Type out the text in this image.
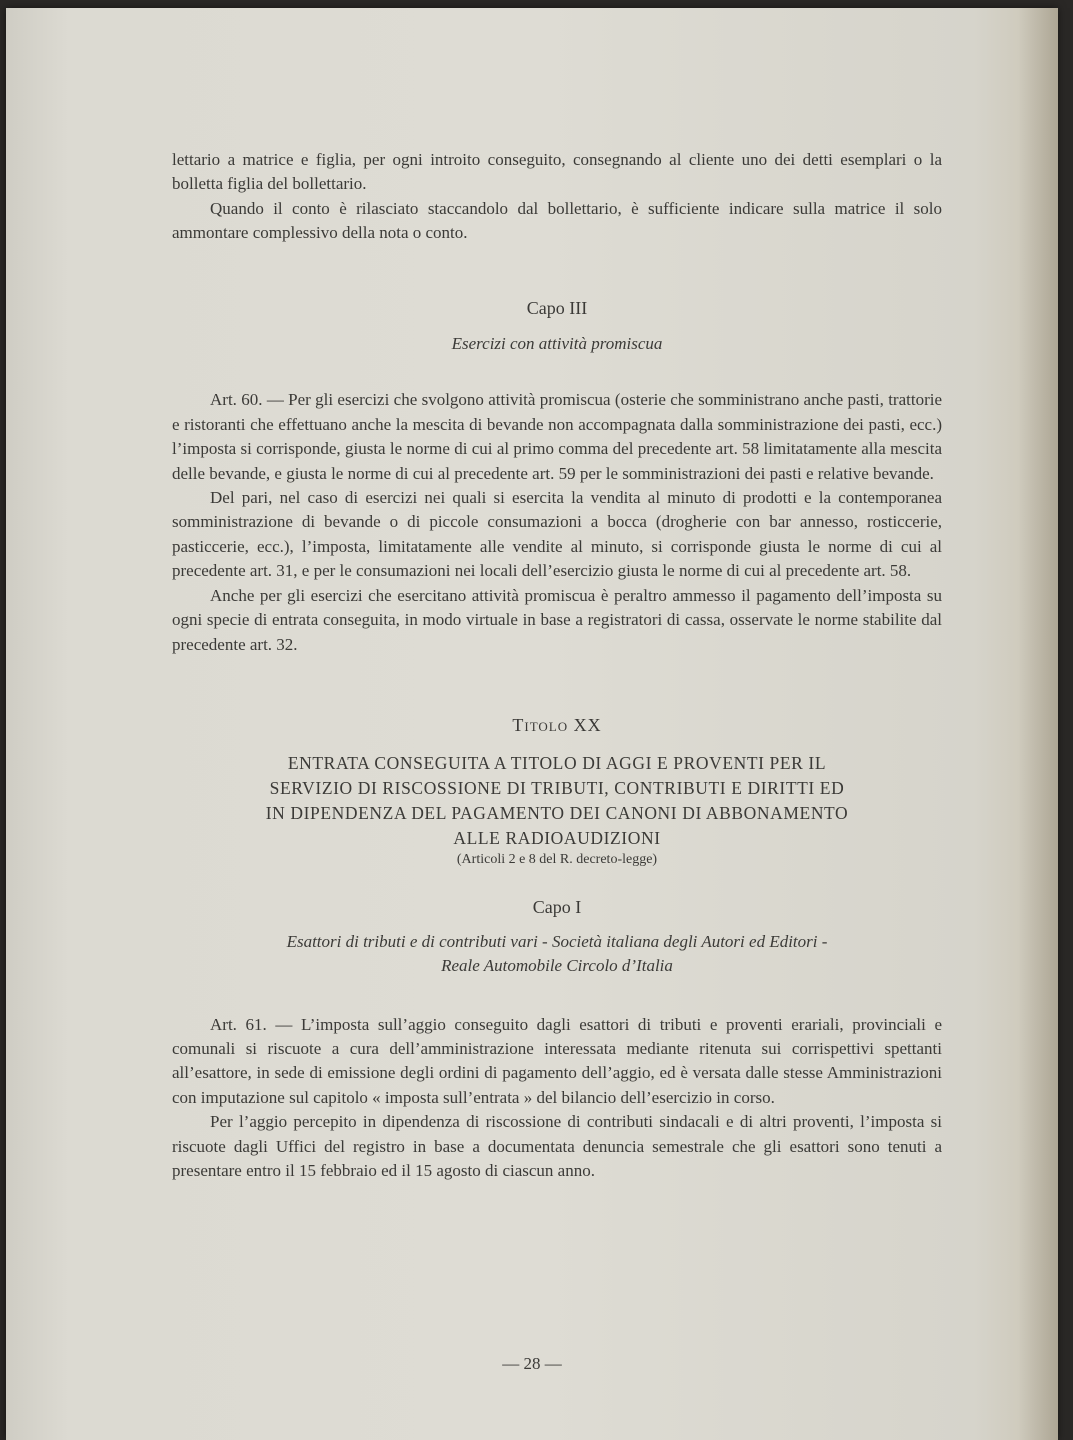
lettario a matrice e figlia, per ogni introito conseguito, consegnando al cliente uno dei detti esemplari o la bolletta figlia del bollettario.

Quando il conto è rilasciato staccandolo dal bollettario, è sufficiente indicare sulla matrice il solo ammontare complessivo della nota o conto.

Capo III

Esercizi con attività promiscua

Art. 60. — Per gli esercizi che svolgono attività promiscua (osterie che somministrano anche pasti, trattorie e ristoranti che effettuano anche la mescita di bevande non accompagnata dalla somministrazione dei pasti, ecc.) l’imposta si corrisponde, giusta le norme di cui al primo comma del precedente art. 58 limitatamente alla mescita delle bevande, e giusta le norme di cui al precedente art. 59 per le somministrazioni dei pasti e relative bevande.

Del pari, nel caso di esercizi nei quali si esercita la vendita al minuto di prodotti e la contemporanea somministrazione di bevande o di piccole consumazioni a bocca (drogherie con bar annesso, rosticcerie, pasticcerie, ecc.), l’imposta, limitatamente alle vendite al minuto, si corrisponde giusta le norme di cui al precedente art. 31, e per le consumazioni nei locali dell’esercizio giusta le norme di cui al precedente art. 58.

Anche per gli esercizi che esercitano attività promiscua è peraltro ammesso il pagamento dell’imposta su ogni specie di entrata conseguita, in modo virtuale in base a registratori di cassa, osservate le norme stabilite dal precedente art. 32.

Titolo XX

ENTRATA CONSEGUITA A TITOLO DI AGGI E PROVENTI PER IL

SERVIZIO DI RISCOSSIONE DI TRIBUTI, CONTRIBUTI E DIRITTI ED

IN DIPENDENZA DEL PAGAMENTO DEI CANONI DI ABBONAMENTO

ALLE RADIOAUDIZIONI

(Articoli 2 e 8 del R. decreto-legge)

Capo I

Esattori di tributi e di contributi vari - Società italiana degli Autori ed Editori -

Reale Automobile Circolo d’Italia

Art. 61. — L’imposta sull’aggio conseguito dagli esattori di tributi e proventi erariali, provinciali e comunali si riscuote a cura dell’amministrazione interessata mediante ritenuta sui corrispettivi spettanti all’esattore, in sede di emissione degli ordini di pagamento dell’aggio, ed è versata dalle stesse Amministrazioni con imputazione sul capitolo « imposta sull’entrata » del bilancio dell’esercizio in corso.

Per l’aggio percepito in dipendenza di riscossione di contributi sindacali e di altri proventi, l’imposta si riscuote dagli Uffici del registro in base a documentata denuncia semestrale che gli esattori sono tenuti a presentare entro il 15 febbraio ed il 15 agosto di ciascun anno.

— 28 —
